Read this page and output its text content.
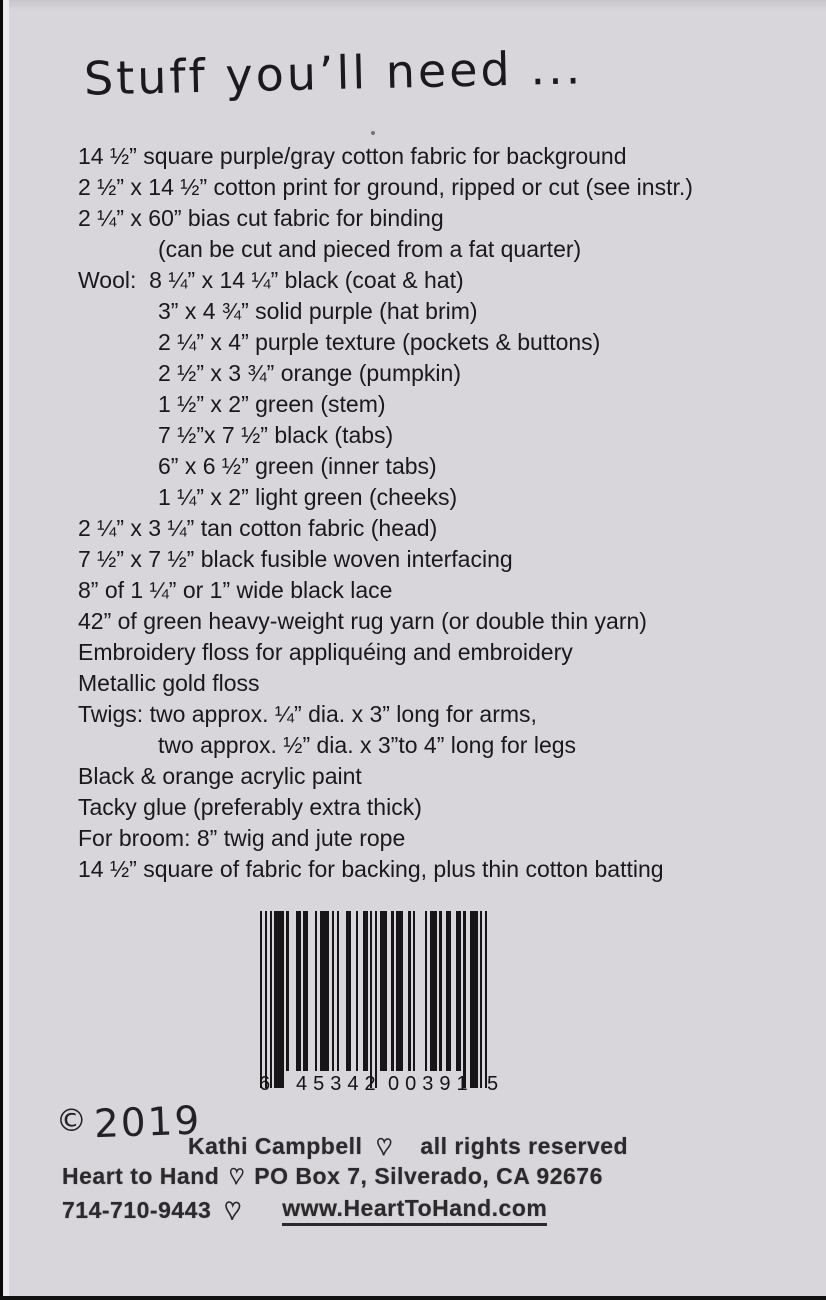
Stuff you’ll need ...
14 ½” square purple/gray cotton fabric for background
2 ½” x 14 ½” cotton print for ground, ripped or cut (see instr.)
2 ¼” x 60” bias cut fabric for binding
(can be cut and pieced from a fat quarter)
Wool:  8 ¼” x 14 ¼” black (coat & hat)
3” x 4 ¾” solid purple (hat brim)
2 ¼” x 4” purple texture (pockets & buttons)
2 ½” x 3 ¾” orange (pumpkin)
1 ½” x 2” green (stem)
7 ½”x 7 ½” black (tabs)
6” x 6 ½” green (inner tabs)
1 ¼” x 2” light green (cheeks)
2 ¼” x 3 ¼” tan cotton fabric (head)
7 ½” x 7 ½” black fusible woven interfacing
8” of 1 ¼” or 1” wide black lace
42” of green heavy-weight rug yarn (or double thin yarn)
Embroidery floss for appliquéing and embroidery
Metallic gold floss
Twigs: two approx. ¼” dia. x 3” long for arms,
two approx. ½” dia. x 3”to 4” long for legs
Black & orange acrylic paint
Tacky glue (preferably extra thick)
For broom: 8” twig and jute rope
14 ½” square of fabric for backing, plus thin cotton batting
6 45342 00391 5
© 2019
Kathi Campbell	all rights reserved
Heart to Hand PO Box 7, Silverado, CA 92676
714-710-9443	www.HeartToHand.com
